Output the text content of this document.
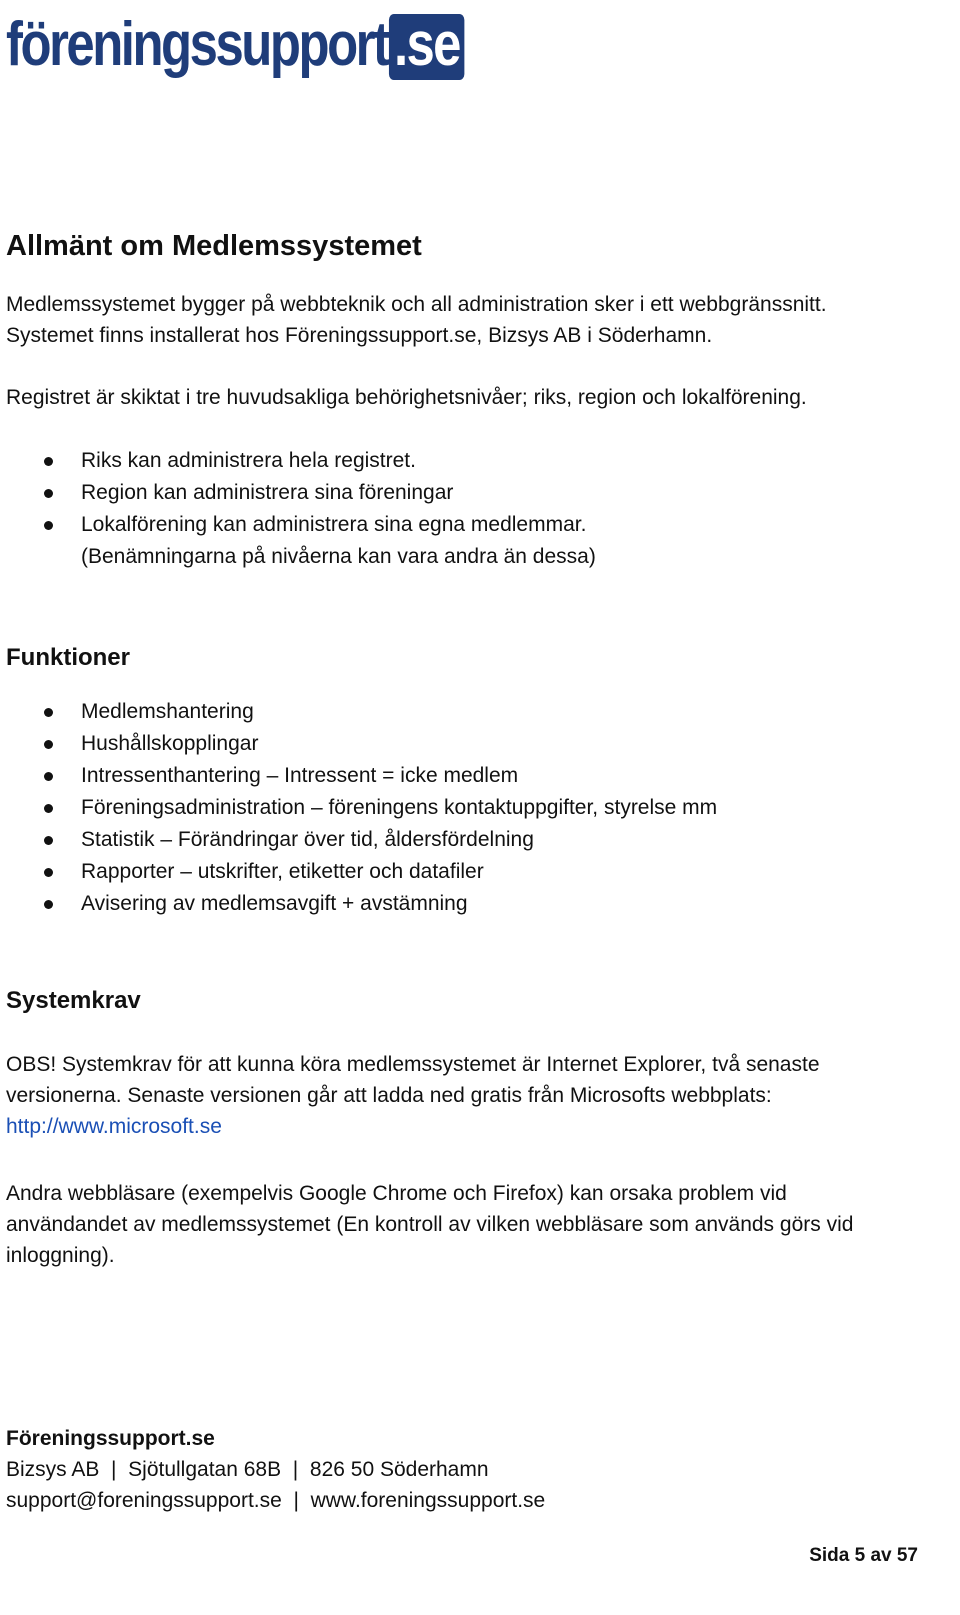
föreningssupport .se
Allmänt om Medlemssystemet

Medlemssystemet bygger på webbteknik och all administration sker i ett webbgränssnitt.
Systemet finns installerat hos Föreningssupport.se, Bizsys AB i Söderhamn.

Registret är skiktat i tre huvudsakliga behörighetsnivåer; riks, region och lokalförening.

Riks kan administrera hela registret.
Region kan administrera sina föreningar
Lokalförening kan administrera sina egna medlemmar.
(Benämningarna på nivåerna kan vara andra än dessa)
Funktioner
Medlemshantering
Hushållskopplingar
Intressenthantering – Intressent = icke medlem
Föreningsadministration – föreningens kontaktuppgifter, styrelse mm
Statistik – Förändringar över tid, åldersfördelning
Rapporter – utskrifter, etiketter och datafiler
Avisering av medlemsavgift + avstämning
Systemkrav

OBS! Systemkrav för att kunna köra medlemssystemet är Internet Explorer, två senaste
versionerna. Senaste versionen går att ladda ned gratis från Microsofts webbplats:
http://www.microsoft.se

Andra webbläsare (exempelvis Google Chrome och Firefox) kan orsaka problem vid
användandet av medlemssystemet (En kontroll av vilken webbläsare som används görs vid
inloggning).

Föreningssupport.se
Bizsys AB  |  Sjötullgatan 68B  |  826 50 Söderhamn
support@foreningssupport.se  |  www.foreningssupport.se
Sida 5 av 57
